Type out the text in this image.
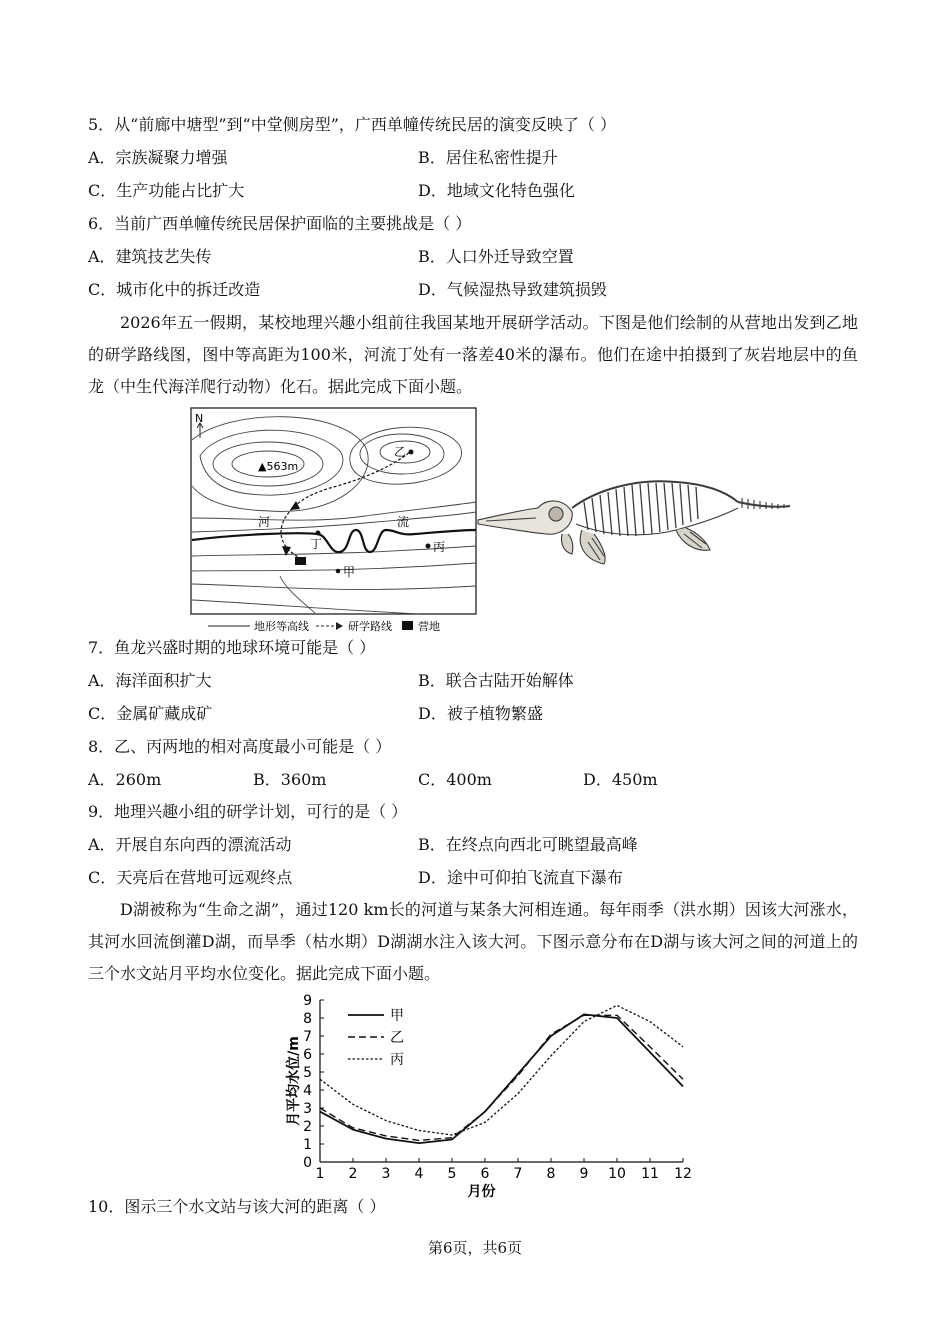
5．从“前廊中塘型”到“中堂侧房型”，广西单幢传统民居的演变反映了（ ）
A．宗族凝聚力增强	B．居住私密性提升
C．生产功能占比扩大	D．地域文化特色强化
6．当前广西单幢传统民居保护面临的主要挑战是（ ）
A．建筑技艺失传	B．人口外迁导致空置
C．城市化中的拆迁改造	D．气候湿热导致建筑损毁
2026年五一假期，某校地理兴趣小组前往我国某地开展研学活动。下图是他们绘制的从营地出发到乙地的研学路线图，图中等高距为100米，河流丁处有一落差40米的瀑布。他们在途中拍摄到了灰岩地层中的鱼龙（中生代海洋爬行动物）化石。据此完成下面小题。
N
▲563m
乙
丁	丙
甲
河	流
地形等高线	研学路线 营地
7．鱼龙兴盛时期的地球环境可能是（ ）
A．海洋面积扩大	B．联合古陆开始解体
C．金属矿藏成矿	D．被子植物繁盛
8．乙、丙两地的相对高度最小可能是（ ）
A．260m	B．360m	C．400m	D．450m
9．地理兴趣小组的研学计划，可行的是（ ）
A．开展自东向西的漂流活动	B．在终点向西北可眺望最高峰
C．天亮后在营地可远观终点	D．途中可仰拍飞流直下瀑布
D湖被称为“生命之湖”，通过120 km长的河道与某条大河相连通。每年雨季（洪水期）因该大河涨水，其河水回流倒灌D湖，而旱季（枯水期）D湖湖水注入该大河。下图示意分布在D湖与该大河之间的河道上的三个水文站月平均水位变化。据此完成下面小题。
0
1
2
3
4
5
6
7
8
9
1 2 3 4 5 6 7 8 9 10 11 12
月份
月平均水位/m
甲
乙
丙
10．图示三个水文站与该大河的距离（ ）
第6页，共6页
